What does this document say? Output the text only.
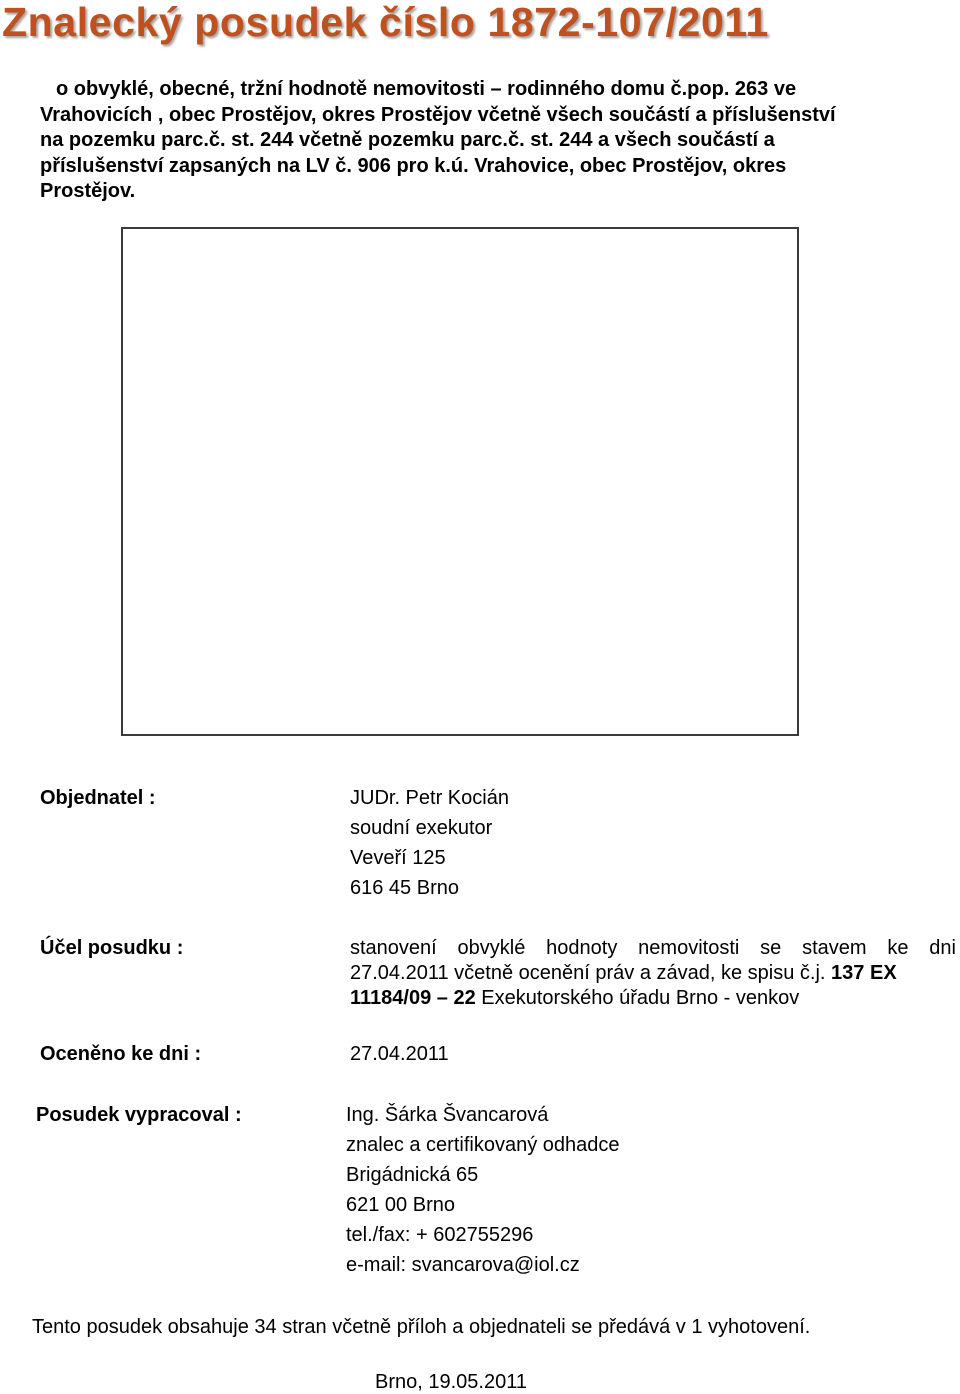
Znalecký posudek číslo 1872-107/2011
o obvyklé, obecné, tržní hodnotě nemovitosti – rodinného domu č.pop. 263 ve
Vrahovicích , obec Prostějov, okres Prostějov včetně všech součástí a příslušenství
na pozemku parc.č. st. 244 včetně pozemku parc.č. st. 244 a všech součástí a
příslušenství zapsaných na LV č. 906 pro k.ú. Vrahovice, obec Prostějov, okres
Prostějov.
Objednatel :	JUDr. Petr Kocián
soudní exekutor
Veveří 125
616 45 Brno
Účel posudku :	stanovení obvyklé hodnoty nemovitosti se stavem ke dni
27.04.2011 včetně ocenění práv a závad, ke spisu č.j. 137 EX
11184/09 – 22 Exekutorského úřadu Brno - venkov
Oceněno ke dni :	27.04.2011
Posudek vypracoval :	Ing. Šárka Švancarová
znalec a certifikovaný odhadce
Brigádnická 65
621 00 Brno
tel./fax: + 602755296
e-mail: svancarova@iol.cz
Tento posudek obsahuje 34 stran včetně příloh a objednateli se předává v 1 vyhotovení.
Brno, 19.05.2011
